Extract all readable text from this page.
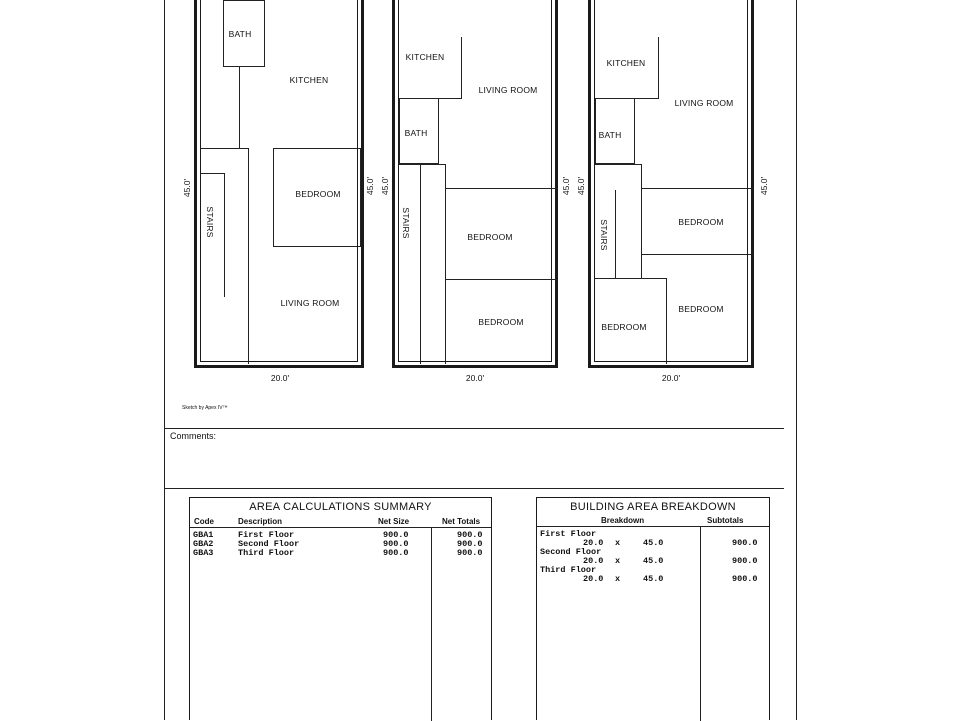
BATH
KITCHEN
STAIRS
BEDROOM
LIVING ROOM
45.0'
20.0'
KITCHEN
LIVING ROOM
BATH
STAIRS	BEDROOM
BEDROOM
45.0' 45.0'
20.0'
KITCHEN
LIVING ROOM
BATH
STAIRS	BEDROOM
BEDROOM
BEDROOM
45.0' 45.0'	45.0'
20.0'
Sketch by Apex IV™
Comments:
AREA CALCULATIONS SUMMARY
Code	Description	Net Size	Net Totals
GBA1	First Floor	900.0	900.0
GBA2	Second Floor	900.0	900.0
GBA3	Third Floor	900.0	900.0
BUILDING AREA BREAKDOWN
Breakdown	Subtotals
First Floor
20.0 x	45.0	900.0
Second Floor
20.0 x	45.0	900.0
Third Floor
20.0 x	45.0	900.0
